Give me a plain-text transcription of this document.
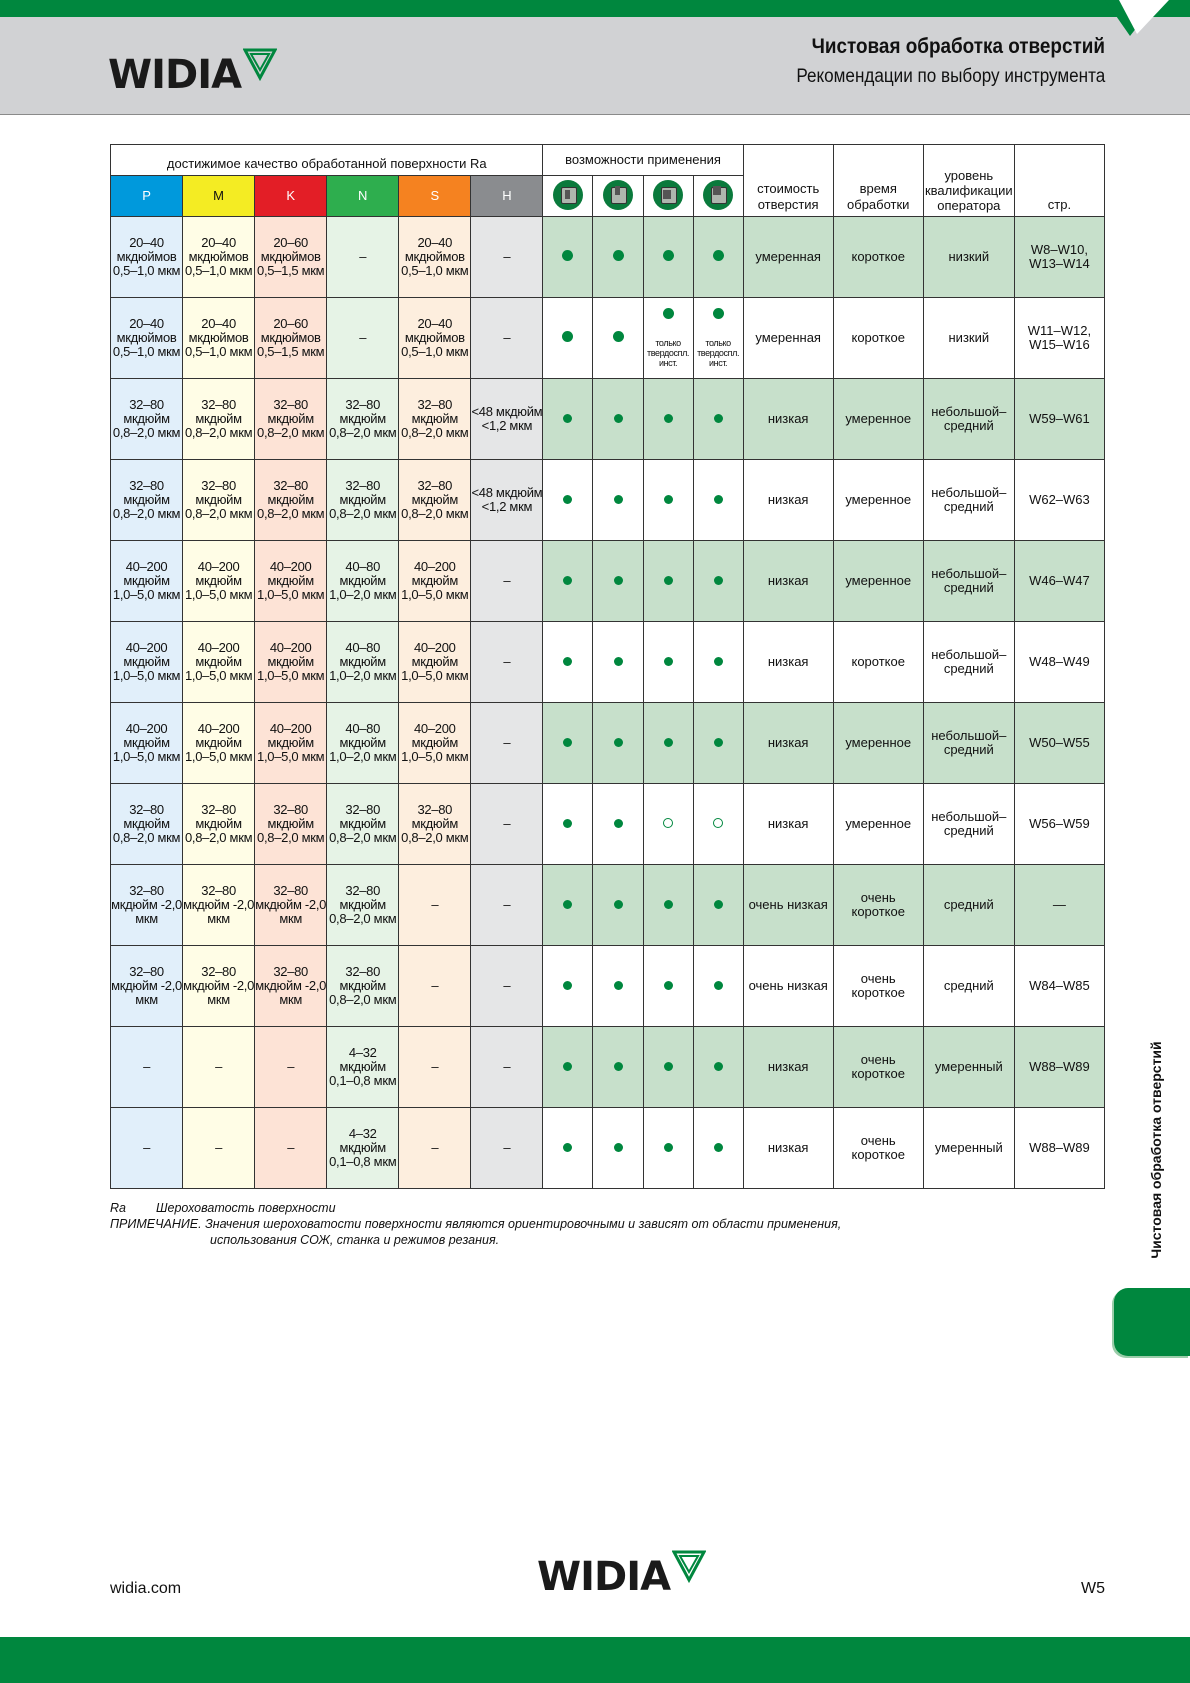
WIDIA
Чистовая обработка отверстий
Рекомендации по выбору инструмента
достижимое качество обработанной поверхности Ra						возможности применения				стоимость отверстия	время обработки	уровень квалификации оператора	стр.

P	M	K	N	S	H								
20–40 мкдюймов 0,5–1,0 мкм	20–40 мкдюймов 0,5–1,0 мкм	20–60 мкдюймов 0,5–1,5 мкм	–	20–40 мкдюймов 0,5–1,0 мкм	–					умеренная	короткое	низкий	W8–W10, W13–W14
20–40 мкдюймов 0,5–1,0 мкм	20–40 мкдюймов 0,5–1,0 мкм	20–60 мкдюймов 0,5–1,5 мкм	–	20–40 мкдюймов 0,5–1,0 мкм	–			только твердоспл. инст.	только твердоспл. инст.	умеренная	короткое	низкий	W11–W12, W15–W16
32–80 мкдюйм 0,8–2,0 мкм	32–80 мкдюйм 0,8–2,0 мкм	32–80 мкдюйм 0,8–2,0 мкм	32–80 мкдюйм 0,8–2,0 мкм	32–80 мкдюйм 0,8–2,0 мкм	<48 мкдюйм <1,2 мкм					низкая	умеренное	небольшой– средний	W59–W61
32–80 мкдюйм 0,8–2,0 мкм	32–80 мкдюйм 0,8–2,0 мкм	32–80 мкдюйм 0,8–2,0 мкм	32–80 мкдюйм 0,8–2,0 мкм	32–80 мкдюйм 0,8–2,0 мкм	<48 мкдюйм <1,2 мкм					низкая	умеренное	небольшой– средний	W62–W63
40–200 мкдюйм 1,0–5,0 мкм	40–200 мкдюйм 1,0–5,0 мкм	40–200 мкдюйм 1,0–5,0 мкм	40–80 мкдюйм 1,0–2,0 мкм	40–200 мкдюйм 1,0–5,0 мкм	–					низкая	умеренное	небольшой– средний	W46–W47
40–200 мкдюйм 1,0–5,0 мкм	40–200 мкдюйм 1,0–5,0 мкм	40–200 мкдюйм 1,0–5,0 мкм	40–80 мкдюйм 1,0–2,0 мкм	40–200 мкдюйм 1,0–5,0 мкм	–					низкая	короткое	небольшой– средний	W48–W49
40–200 мкдюйм 1,0–5,0 мкм	40–200 мкдюйм 1,0–5,0 мкм	40–200 мкдюйм 1,0–5,0 мкм	40–80 мкдюйм 1,0–2,0 мкм	40–200 мкдюйм 1,0–5,0 мкм	–					низкая	умеренное	небольшой– средний	W50–W55
32–80 мкдюйм 0,8–2,0 мкм	32–80 мкдюйм 0,8–2,0 мкм	32–80 мкдюйм 0,8–2,0 мкм	32–80 мкдюйм 0,8–2,0 мкм	32–80 мкдюйм 0,8–2,0 мкм	–					низкая	умеренное	небольшой– средний	W56–W59
32–80 мкдюйм -2,0 мкм	32–80 мкдюйм -2,0 мкм	32–80 мкдюйм -2,0 мкм	32–80 мкдюйм 0,8–2,0 мкм	–	–					очень низкая	очень короткое	средний	—
32–80 мкдюйм -2,0 мкм	32–80 мкдюйм -2,0 мкм	32–80 мкдюйм -2,0 мкм	32–80 мкдюйм 0,8–2,0 мкм	–	–					очень низкая	очень короткое	средний	W84–W85
–	–	–	4–32 мкдюйм 0,1–0,8 мкм	–	–					низкая	очень короткое	умеренный	W88–W89
–	–	–	4–32 мкдюйм 0,1–0,8 мкм	–	–					низкая	очень короткое	умеренный	W88–W89
Ra Шероховатость поверхности
ПРИМЕЧАНИЕ. Значения шероховатости поверхности являются ориентировочными и зависят от области применения,
использования СОЖ, станка и режимов резания.	Чистовая обработка отверстий
WIDIA
widia.com	W5
